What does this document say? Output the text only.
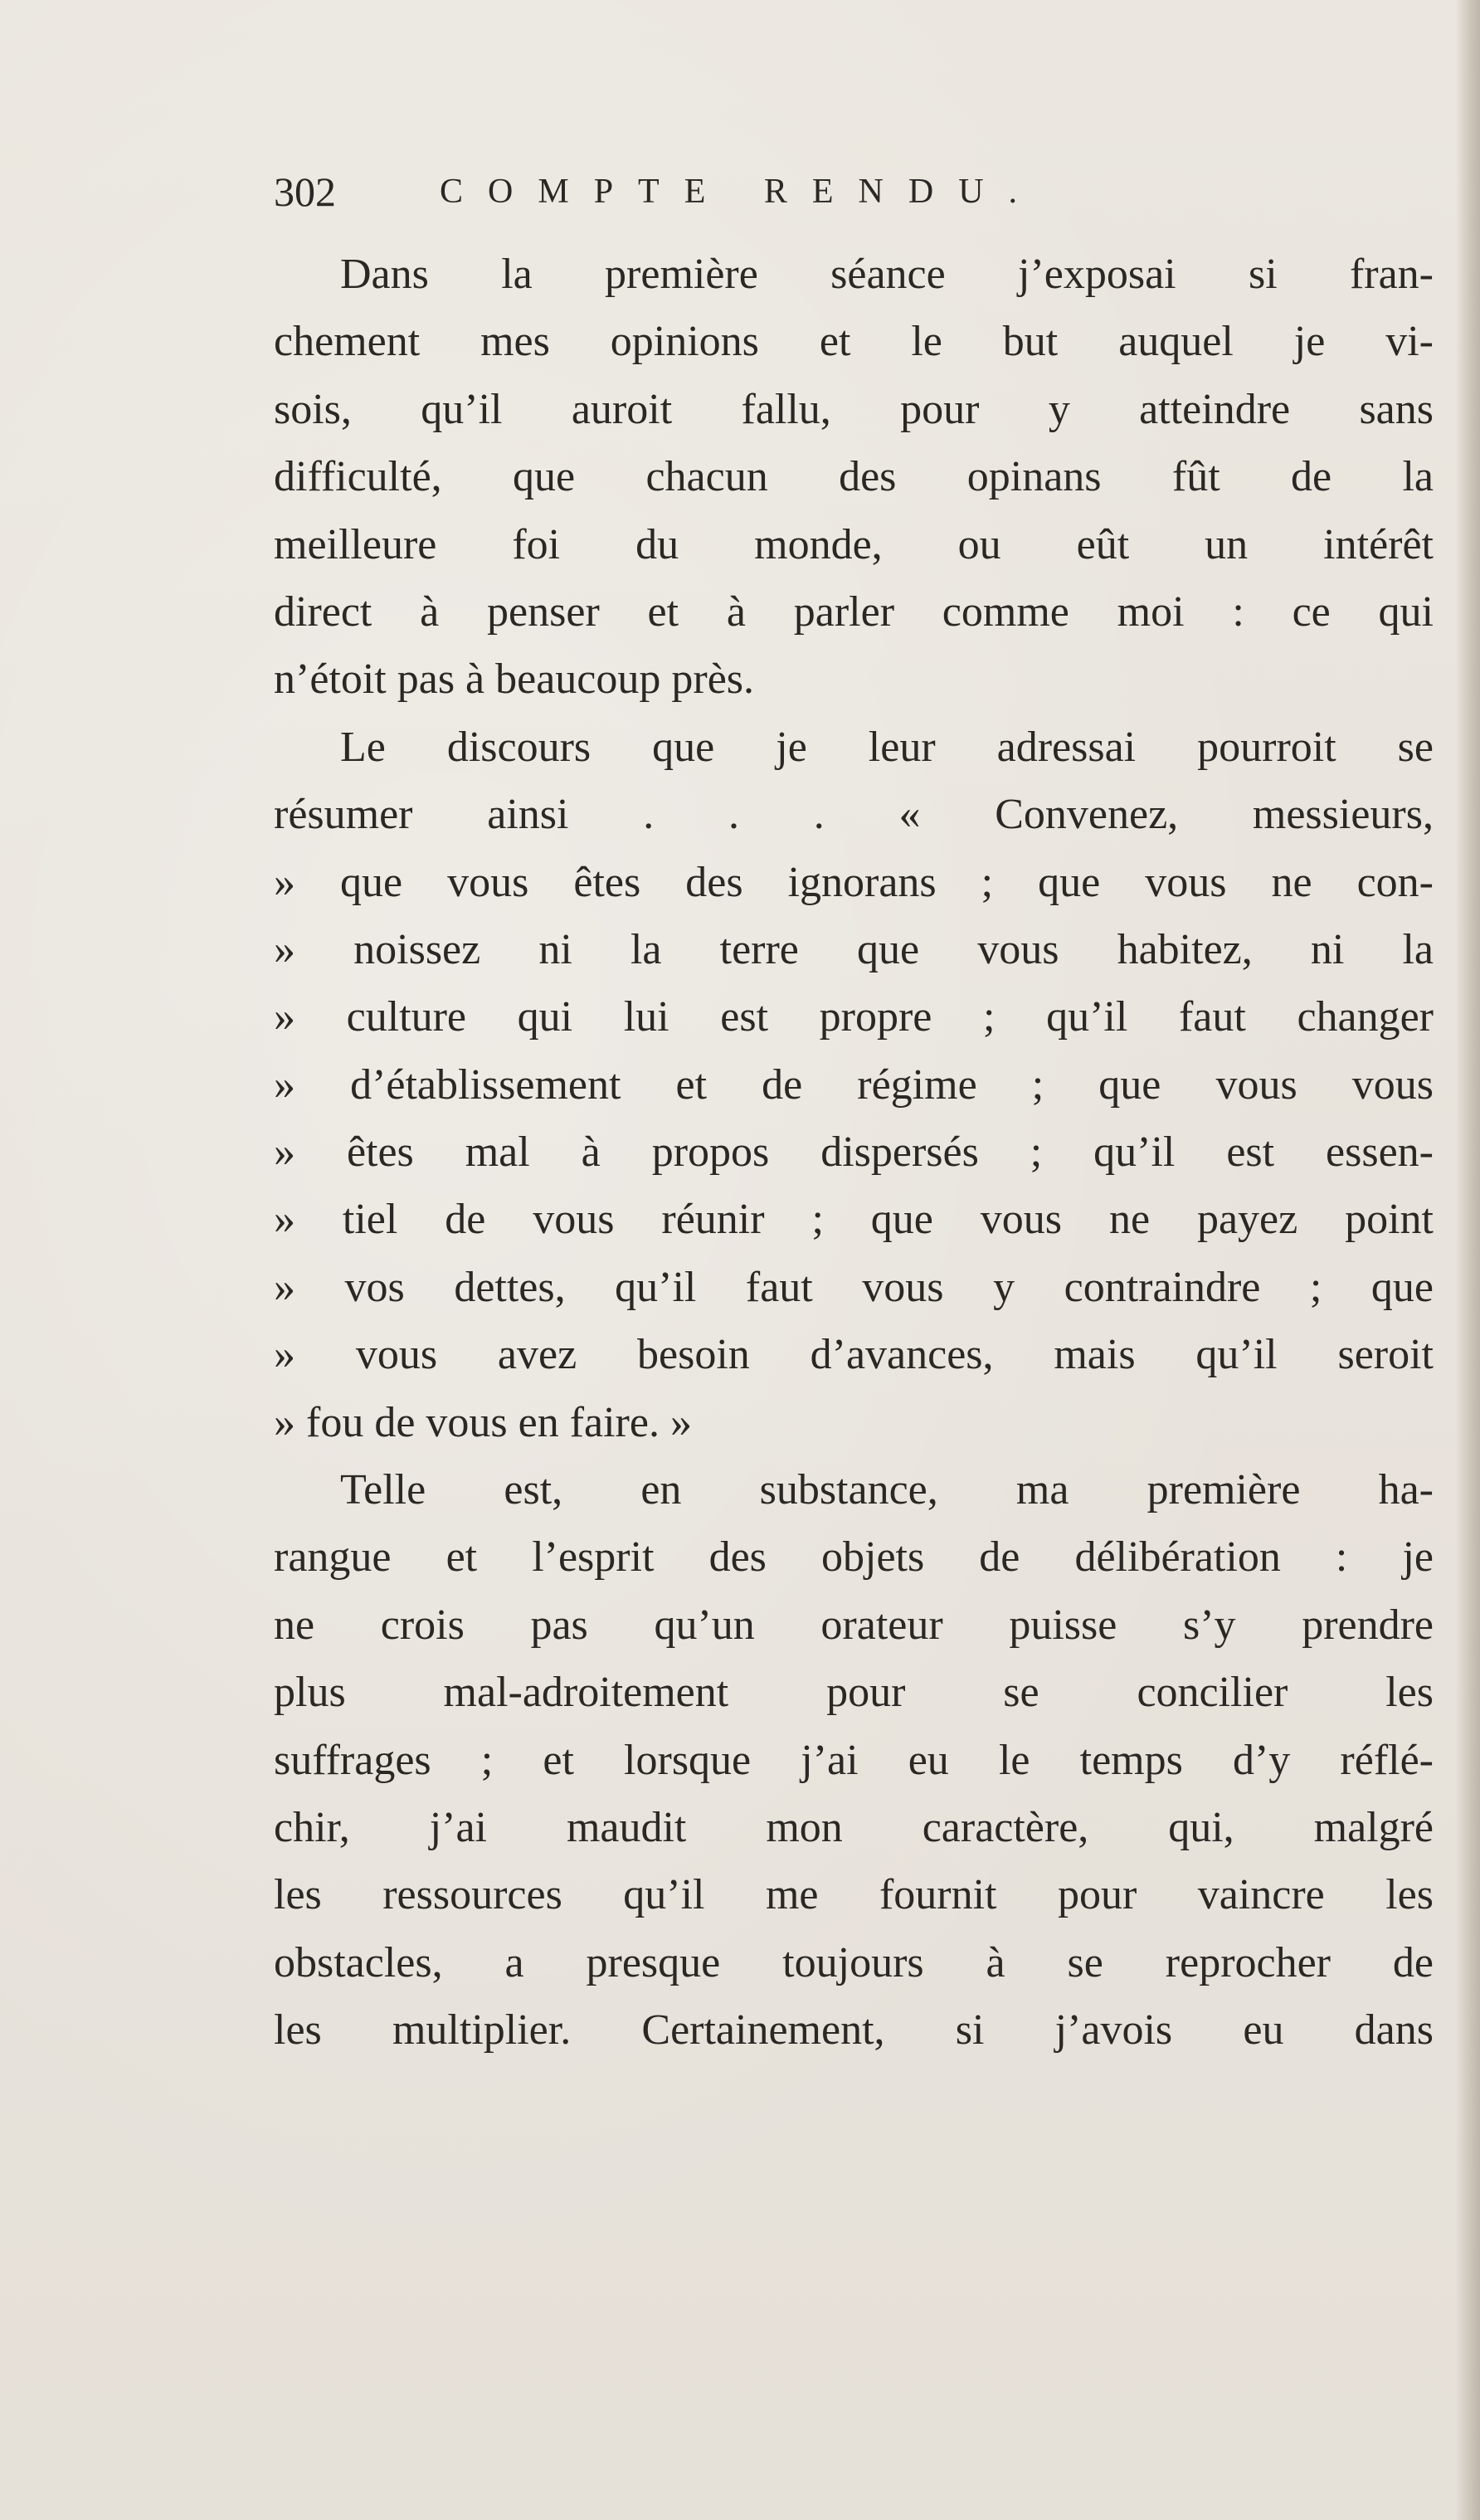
302	COMPTE RENDU.
Dans la première séance j’exposai si fran-
chement mes opinions et le but auquel je vi-
sois, qu’il auroit fallu, pour y atteindre sans
difficulté, que chacun des opinans fût de la
meilleure foi du monde, ou eût un intérêt
direct à penser et à parler comme moi : ce qui
n’étoit pas à beaucoup près.
Le discours que je leur adressai pourroit se
résumer ainsi . . . « Convenez, messieurs,
» que vous êtes des ignorans ; que vous ne con-
» noissez ni la terre que vous habitez, ni la
» culture qui lui est propre ; qu’il faut changer
» d’établissement et de régime ; que vous vous
» êtes mal à propos dispersés ; qu’il est essen-
» tiel de vous réunir ; que vous ne payez point
» vos dettes, qu’il faut vous y contraindre ; que
» vous avez besoin d’avances, mais qu’il seroit
» fou de vous en faire. »
Telle est, en substance, ma première ha-
rangue et l’esprit des objets de délibération : je
ne crois pas qu’un orateur puisse s’y prendre
plus mal-adroitement pour se concilier les
suffrages ; et lorsque j’ai eu le temps d’y réflé-
chir, j’ai maudit mon caractère, qui, malgré
les ressources qu’il me fournit pour vaincre les
obstacles, a presque toujours à se reprocher de
les multiplier. Certainement, si j’avois eu dans
